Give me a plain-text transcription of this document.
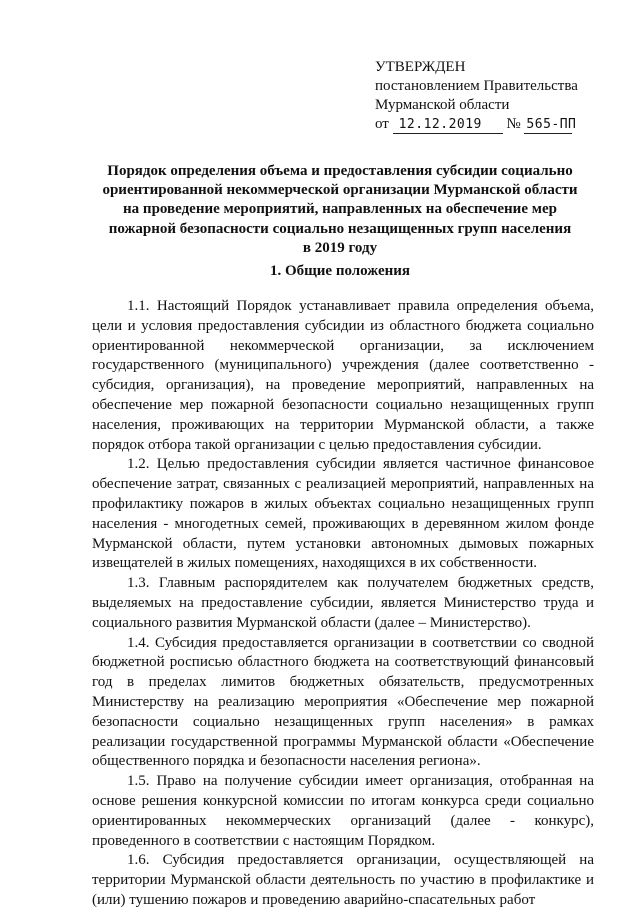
УТВЕРЖДЕН
постановлением Правительства
Мурманской области
от 12.12.2019 № 565-ПП
Порядок определения объема и предоставления субсидии социально
ориентированной некоммерческой организации Мурманской области
на проведение мероприятий, направленных на обеспечение мер
пожарной безопасности социально незащищенных групп населения
в 2019 году
1. Общие положения
1.1. Настоящий Порядок устанавливает правила определения объема,
цели и условия предоставления субсидии из областного бюджета социально
ориентированной некоммерческой организации, за исключением
государственного (муниципального) учреждения (далее соответственно -
субсидия, организация), на проведение мероприятий, направленных на
обеспечение мер пожарной безопасности социально незащищенных групп
населения, проживающих на территории Мурманской области, а также
порядок отбора такой организации с целью предоставления субсидии.
1.2. Целью предоставления субсидии является частичное финансовое
обеспечение затрат, связанных с реализацией мероприятий, направленных на
профилактику пожаров в жилых объектах социально незащищенных групп
населения - многодетных семей, проживающих в деревянном жилом фонде
Мурманской области, путем установки автономных дымовых пожарных
извещателей в жилых помещениях, находящихся в их собственности.
1.3. Главным распорядителем как получателем бюджетных средств,
выделяемых на предоставление субсидии, является Министерство труда и
социального развития Мурманской области (далее – Министерство).
1.4. Субсидия предоставляется организации в соответствии со сводной
бюджетной росписью областного бюджета на соответствующий финансовый
год в пределах лимитов бюджетных обязательств, предусмотренных
Министерству на реализацию мероприятия «Обеспечение мер пожарной
безопасности социально незащищенных групп населения» в рамках
реализации государственной программы Мурманской области «Обеспечение
общественного порядка и безопасности населения региона».
1.5. Право на получение субсидии имеет организация, отобранная на
основе решения конкурсной комиссии по итогам конкурса среди социально
ориентированных некоммерческих организаций (далее - конкурс),
проведенного в соответствии с настоящим Порядком.
1.6. Субсидия предоставляется организации, осуществляющей на
территории Мурманской области деятельность по участию в профилактике и
(или) тушению пожаров и проведению аварийно-спасательных работ
